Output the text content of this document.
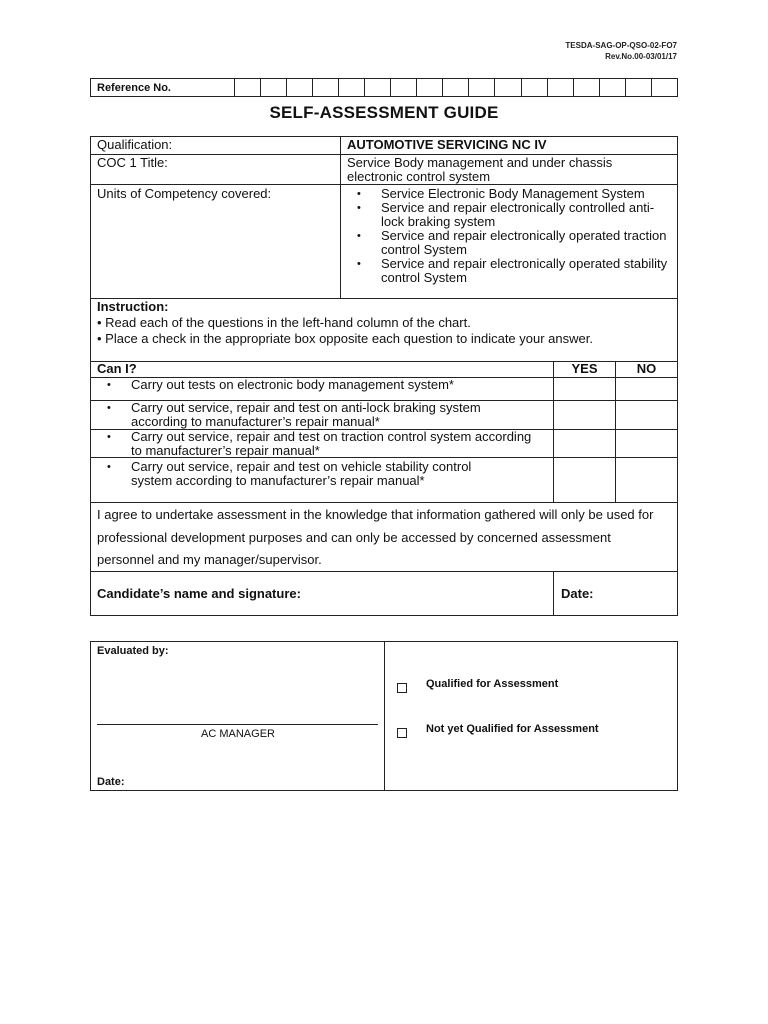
TESDA-SAG-OP-QSO-02-FO7
Rev.No.00-03/01/17
Reference No.																	
SELF-ASSESSMENT GUIDE
Qualification:	AUTOMOTIVE SERVICING NC IV
COC 1 Title:	Service Body management and under chassis electronic control system
Units of Competency covered:
•	Service Electronic Body Management System
• Service and repair electronically controlled anti-lock braking system
• Service and repair electronically operated traction control System
• Service and repair electronically operated stability control System
Instruction:
• Read each of the questions in the left-hand column of the chart.
• Place a check in the appropriate box opposite each question to indicate your answer.
Can I?	YES	NO
• Carry out tests on electronic body management system*
• Carry out service, repair and test on anti-lock braking system according to manufacturer’s repair manual*
• Carry out service, repair and test on traction control system according to manufacturer’s repair manual*
• Carry out service, repair and test on vehicle stability control system according to manufacturer’s repair manual*
I agree to undertake assessment in the knowledge that information gathered will only be used for professional development purposes and can only be accessed by concerned assessment personnel and my manager/supervisor.
Candidate’s name and signature:	Date:
Evaluated by:
AC MANAGER
Date:
Qualified for Assessment
Not yet Qualified for Assessment
